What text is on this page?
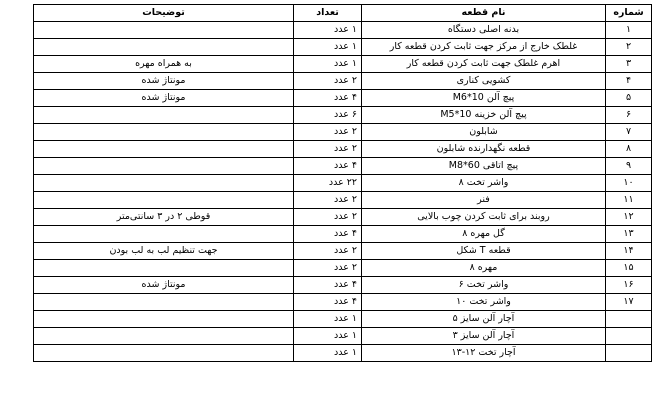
شماره	نام قطعه	تعداد	توضیحات
۱	بدنه اصلی دستگاه	۱ عدد	
۲	غلطک خارج از مرکز جهت ثابت کردن قطعه کار	۱ عدد	
۳	اهرم غلطک جهت ثابت کردن قطعه کار	۱ عدد	به همراه مهره
۴	کشویی کناری	۲ عدد	مونتاژ شده
۵	پیچ آلن M6*10	۴ عدد	مونتاژ شده
۶	پیچ آلن خزینه M5*10	۶ عدد	
۷	شابلون	۲ عدد	
۸	قطعه نگهدارنده شابلون	۲ عدد	
۹	پیچ اتاقی M8*60	۴ عدد	
۱۰	واشر تخت ۸	۲۲ عدد	
۱۱	فنر	۲ عدد	
۱۲	روبند برای ثابت کردن چوب بالایی	۲ عدد	قوطی ۲ در ۳ سانتی‌متر
۱۳	گل مهره ۸	۴ عدد	
۱۴	قطعه T شکل	۲ عدد	جهت تنظیم لب به لب بودن
۱۵	مهره ۸	۲ عدد	
۱۶	واشر تخت ۶	۴ عدد	مونتاژ شده
۱۷	واشر تخت ۱۰	۴ عدد	
	آچار آلن سایز ۵	۱ عدد	
	آچار آلن سایز ۳	۱ عدد	
	آچار تخت ۱۲-۱۳	۱ عدد	
